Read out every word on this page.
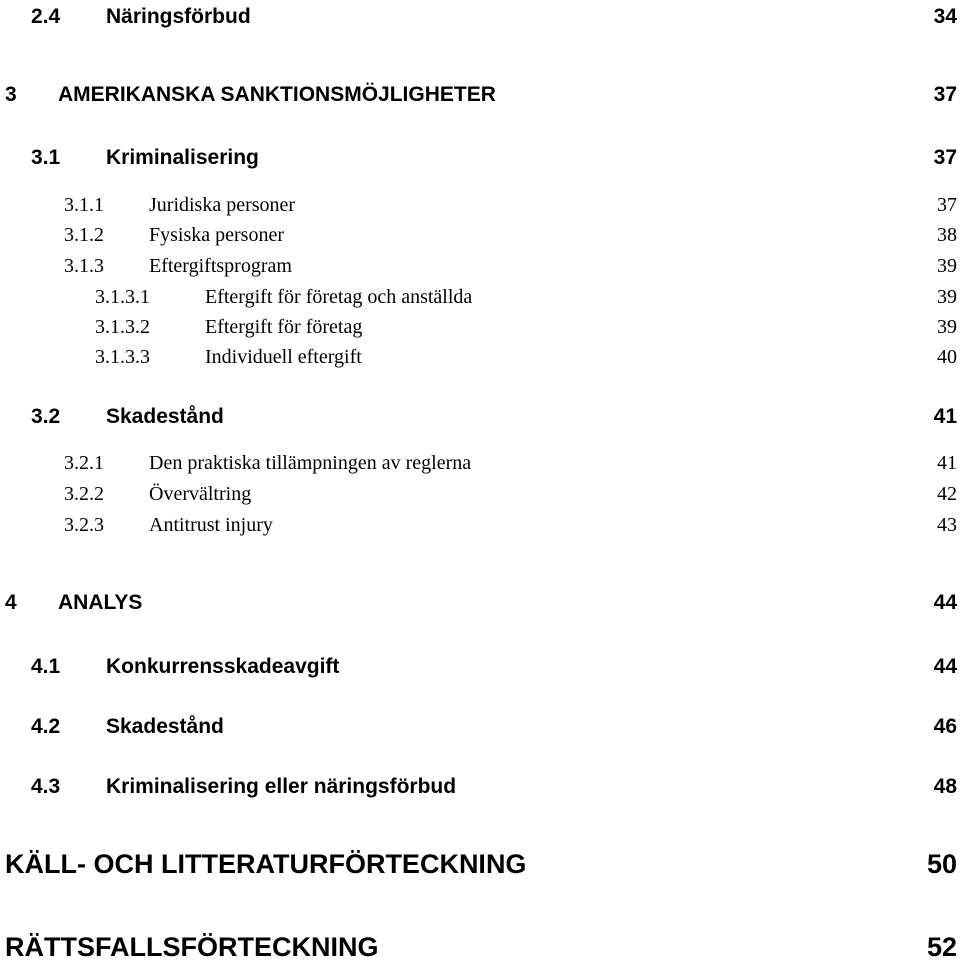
2.4 Näringsförbud	34
3 AMERIKANSKA SANKTIONSMÖJLIGHETER	37
3.1 Kriminalisering	37
3.1.1 Juridiska personer	37
3.1.2 Fysiska personer	38
3.1.3 Eftergiftsprogram	39
3.1.3.1	Eftergift för företag och anställda	39
3.1.3.2	Eftergift för företag	39
3.1.3.3	Individuell eftergift	40
3.2 Skadestånd	41
3.2.1 Den praktiska tillämpningen av reglerna	41
3.2.2 Övervältring	42
3.2.3 Antitrust injury	43
4 ANALYS	44
4.1 Konkurrensskadeavgift	44
4.2 Skadestånd	46
4.3 Kriminalisering eller näringsförbud	48
KÄLL- OCH LITTERATURFÖRTECKNING	50
RÄTTSFALLSFÖRTECKNING	52
